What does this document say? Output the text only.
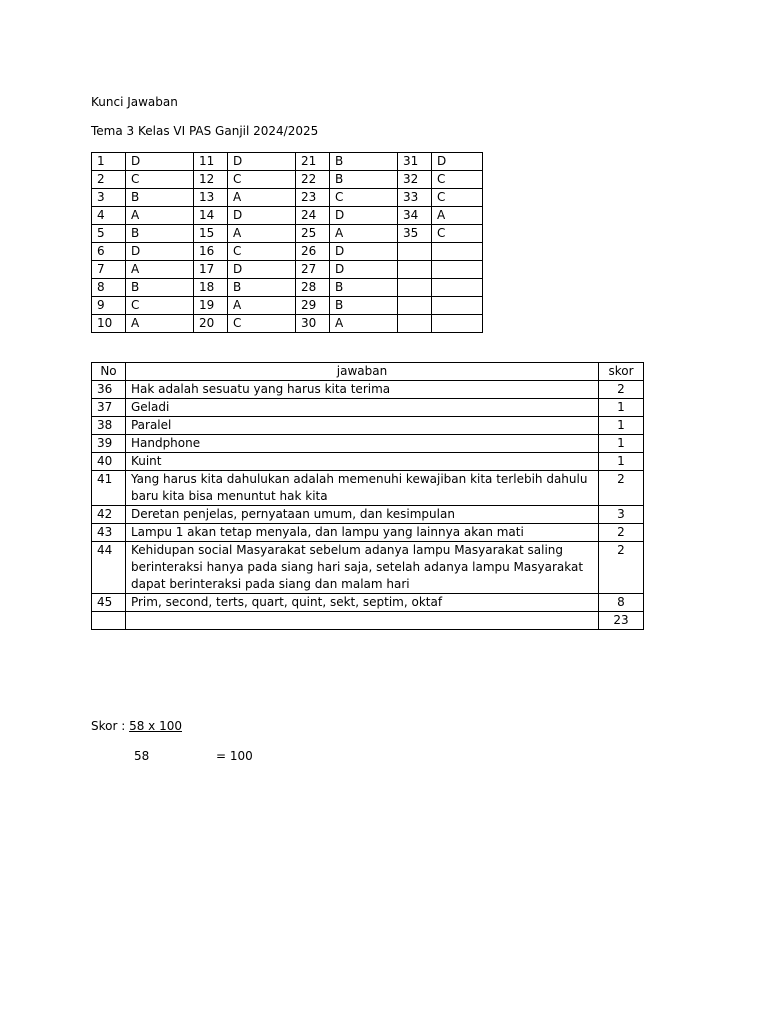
Kunci Jawaban
Tema 3 Kelas VI PAS Ganjil 2024/2025
1	D	11	D	21	B	31	D
2	C	12	C	22	B	32	C
3	B	13	A	23	C	33	C
4	A	14	D	24	D	34	A
5	B	15	A	25	A	35	C
6	D	16	C	26	D		
7	A	17	D	27	D		
8	B	18	B	28	B		
9	C	19	A	29	B		
10	A	20	C	30	A		
No	jawaban	skor
36	Hak adalah sesuatu yang harus kita terima	2
37	Geladi	1
38	Paralel	1
39	Handphone	1
40	Kuint	1
41	Yang harus kita dahulukan adalah memenuhi kewajiban kita terlebih dahulu baru kita bisa menuntut hak kita	2
42	Deretan penjelas, pernyataan umum, dan kesimpulan	3
43	Lampu 1 akan tetap menyala, dan lampu yang lainnya akan mati	2
44	Kehidupan social Masyarakat sebelum adanya lampu Masyarakat saling berinteraksi hanya pada siang hari saja, setelah adanya lampu Masyarakat dapat berinteraksi pada siang dan malam hari	2
45	Prim, second, terts, quart, quint, sekt, septim, oktaf	8
		23
Skor : 58 x 100
58	= 100
